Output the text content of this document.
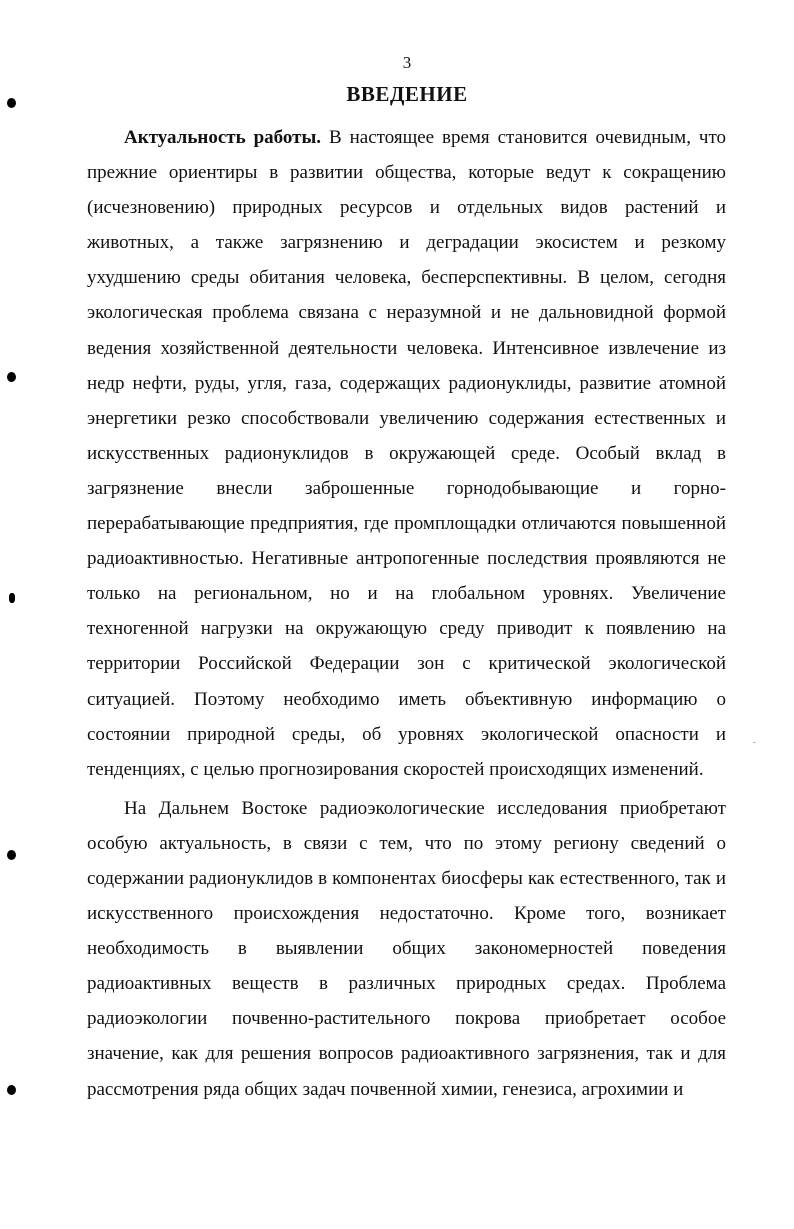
3
ВВЕДЕНИЕ

Актуальность работы. В настоящее время становится очевидным, что прежние ориентиры в развитии общества, которые ведут к сокращению (исчезновению) природных ресурсов и отдельных видов растений и животных, а также загрязнению и деградации экосистем и резкому ухудшению среды обитания человека, бесперспективны. В целом, сегодня экологическая проблема связана с неразумной и не дальновидной формой ведения хозяйственной деятельности человека. Интенсивное извлечение из недр нефти, руды, угля, газа, содержащих радионуклиды, развитие атомной энергетики резко способствовали увеличению содержания естественных и искусственных радионуклидов в окружающей среде. Особый вклад в загрязнение внесли заброшенные горнодобывающие и горно-перерабатывающие предприятия, где промплощадки отличаются повышенной радиоактивностью. Негативные антропогенные последствия проявляются не только на региональном, но и на глобальном уровнях. Увеличение техногенной нагрузки на окружающую среду приводит к появлению на территории Российской Федерации зон с критической экологической ситуацией. Поэтому необходимо иметь объективную информацию о состоянии природной среды, об уровнях экологической опасности и тенденциях, с целью прогнозирования скоростей происходящих изменений.

На Дальнем Востоке радиоэкологические исследования приобретают особую актуальность, в связи с тем, что по этому региону сведений о содержании радионуклидов в компонентах биосферы как естественного, так и искусственного происхождения недостаточно. Кроме того, возникает необходимость в выявлении общих закономерностей поведения радиоактивных веществ в различных природных средах. Проблема радиоэкологии почвенно-растительного покрова приобретает особое значение, как для решения вопросов радиоактивного загрязнения, так и для рассмотрения ряда общих задач почвенной химии, генезиса, агрохимии и
